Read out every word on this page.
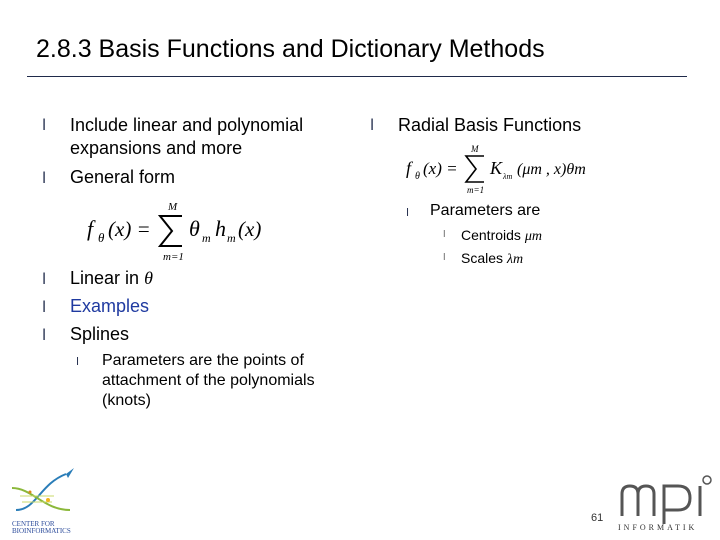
2.8.3 Basis Functions and Dictionary Methods
l Include linear and polynomial
expansions and more
l General form
f θ (x) =
M
m=1
θ m h m (x)
l Linear in θ
l Examples
l Splines
l Parameters are the points of
attachment of the polynomials
(knots)
l Radial Basis Functions
f θ (x) =
M
m=1
K λm (μm , x)θm
l Parameters are
l Centroids μm
l Scales λm
CENTER FOR
BIOINFORMATICS
61
INFORMATIK
